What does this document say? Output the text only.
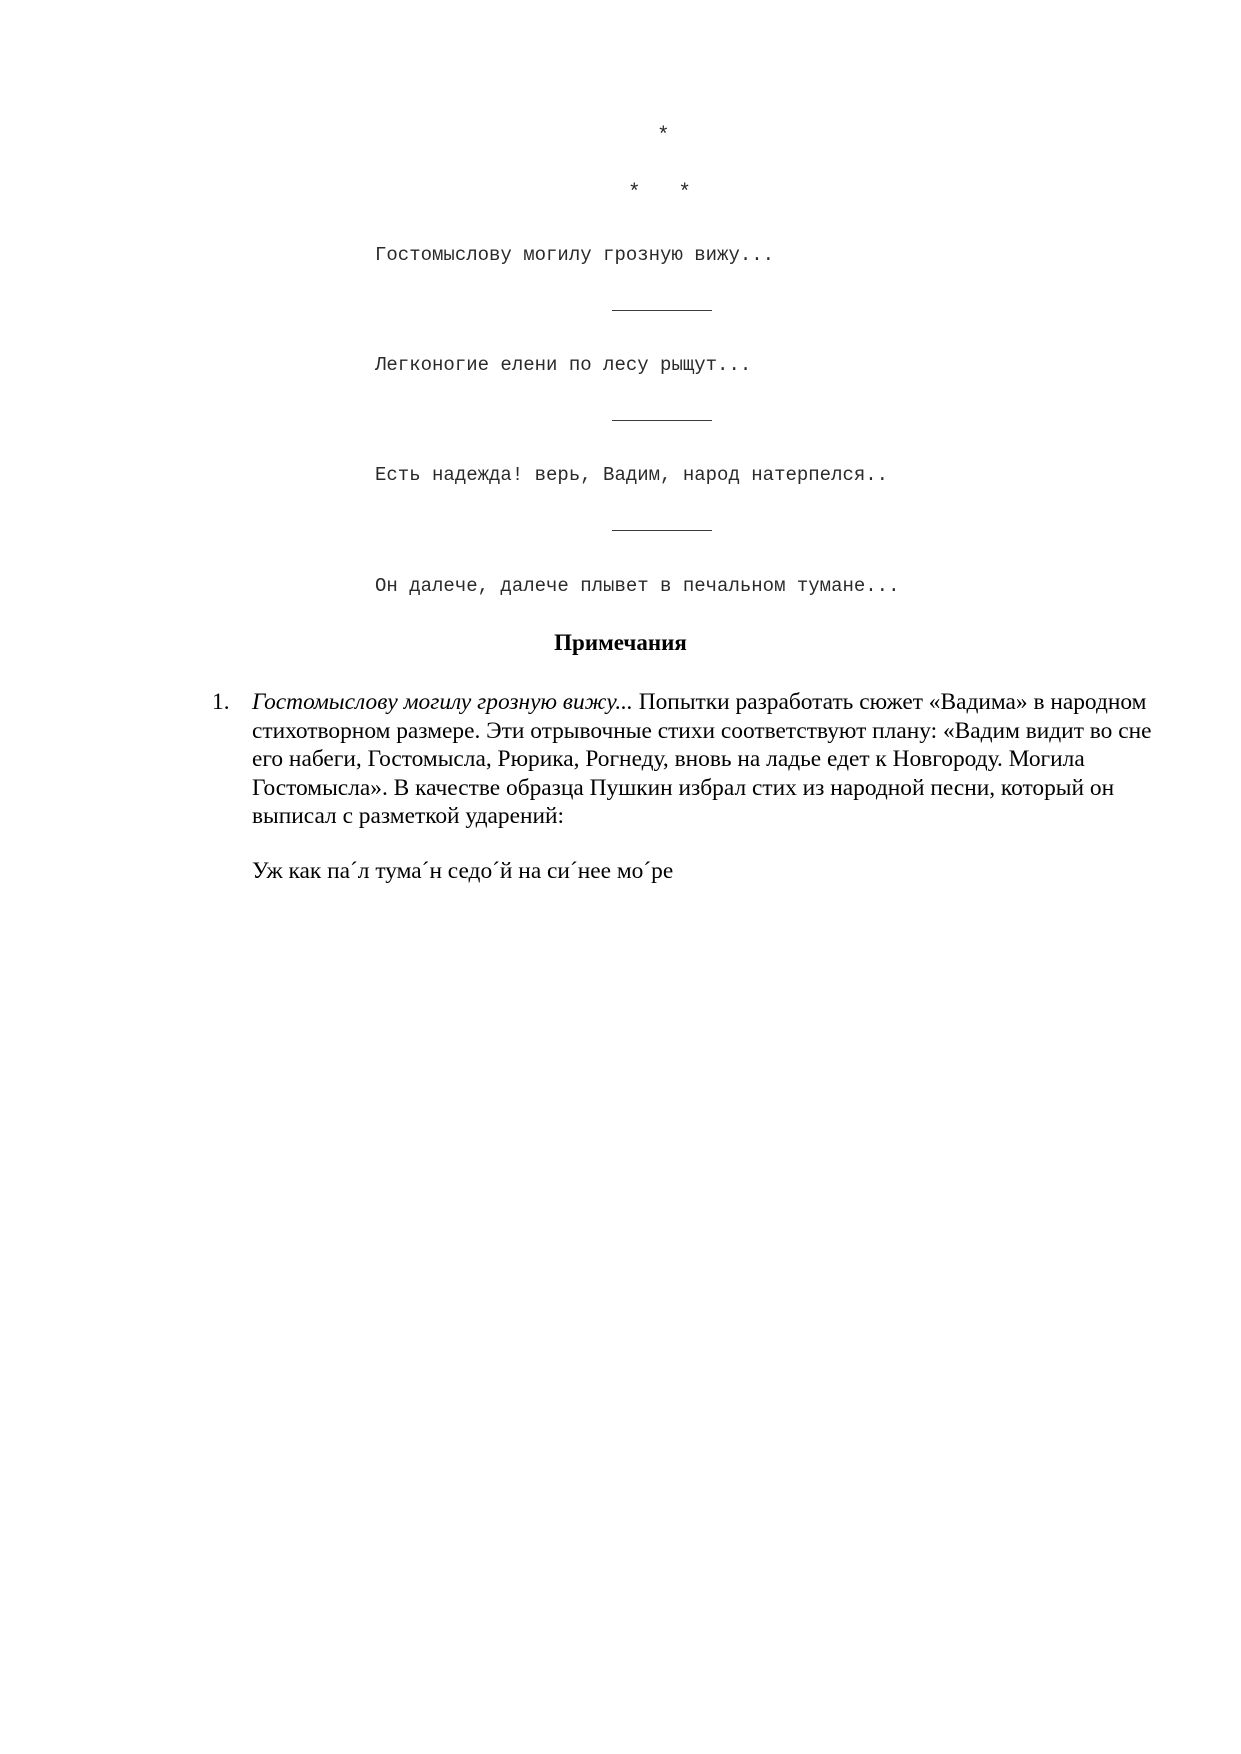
*
*   *
Гостомыслову могилу грозную вижу...
Легконогие елени по лесу рыщут...
Есть надежда! верь, Вадим, народ натерпелся..
Он далече, далече плывет в печальном тумане...
Примечания
1. Гостомыслову могилу грозную вижу... Попытки разработать сюжет «Вадима» в народном стихотворном размере. Эти отрывочные стихи соответствуют плану: «Вадим видит во сне его набеги, Гостомысла, Рюрика, Рогнеду, вновь на ладье едет к Новгороду. Могила Гостомысла». В качестве образца Пушкин избрал стих из народной песни, который он выписал с разметкой ударений:
Уж как па´л тума´н седо´й на си´нее мо´ре
